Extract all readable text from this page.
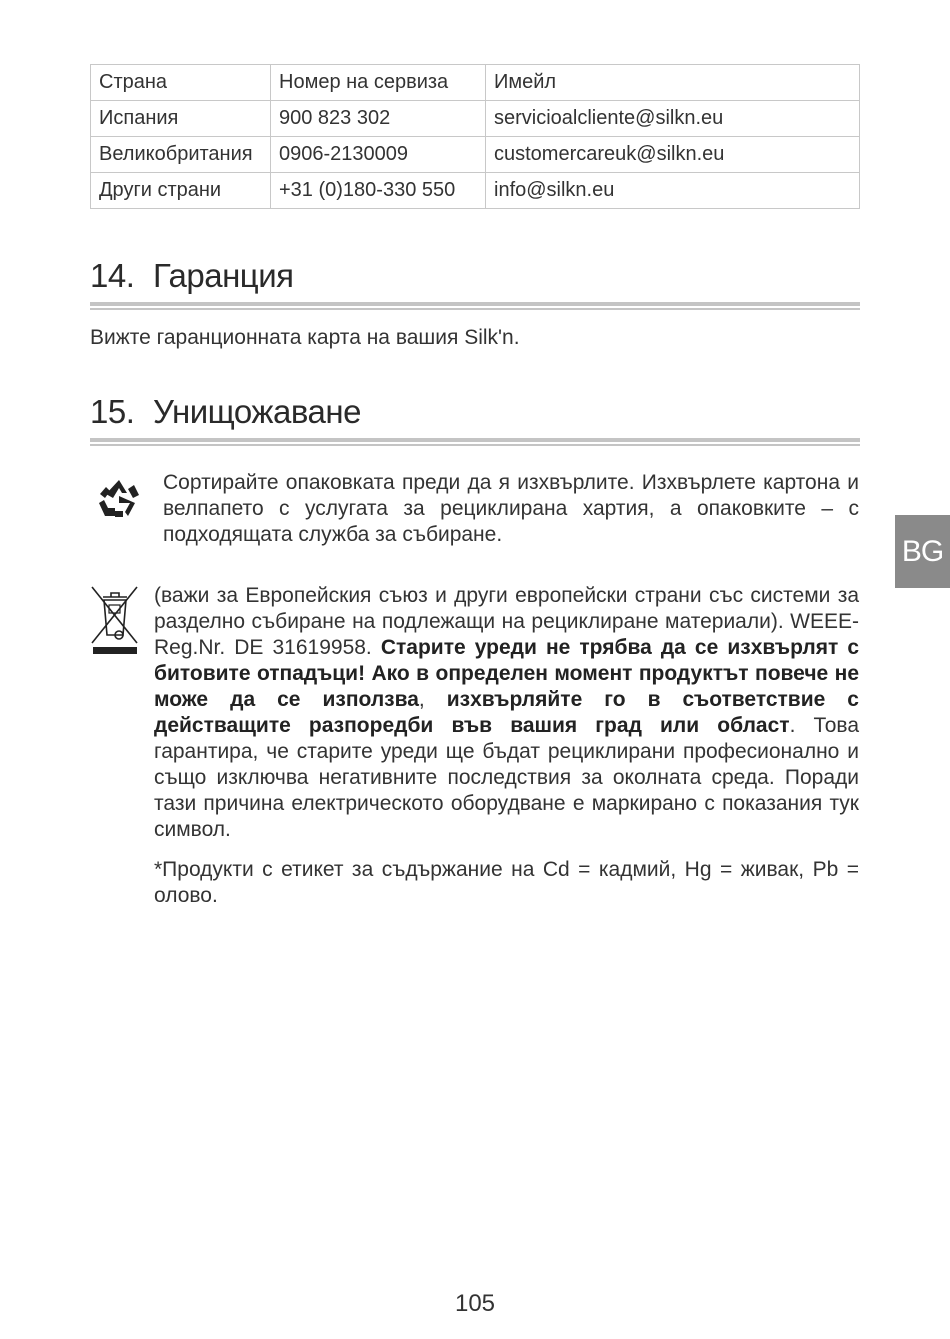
Страна	Номер на сервиза	Имейл
Испания	900 823 302	servicioalcliente@silkn.eu
Великобритания	0906-2130009	customercareuk@silkn.eu
Други страни	+31 (0)180-330 550	info@silkn.eu
14. Гаранция
Вижте гаранционната карта на вашия Silk'n.
15. Унищожаване
Сортирайте опаковката преди да я изхвърлите. Изхвърлете картона и велпапето с услугата за рециклирана хартия, а опаковките – с подходящата служба за събиране.
(важи за Европейския съюз и други европейски страни със системи за разделно събиране на подлежащи на рециклиране материали). WEEE-Reg.Nr. DE 31619958. Старите уреди не трябва да се изхвърлят с битовите отпадъци! Ако в определен момент продуктът повече не може да се използва, изхвърляйте го в съответствие с действащите разпоредби във вашия град или област. Това гарантира, че старите уреди ще бъдат рециклирани професионално и също изключва негативните последствия за околната среда. Поради тази причина електрическото оборудване е маркирано с показания тук символ.
*Продукти с етикет за съдържание на Cd = кадмий, Hg = живак, Pb = олово.
BG
105
